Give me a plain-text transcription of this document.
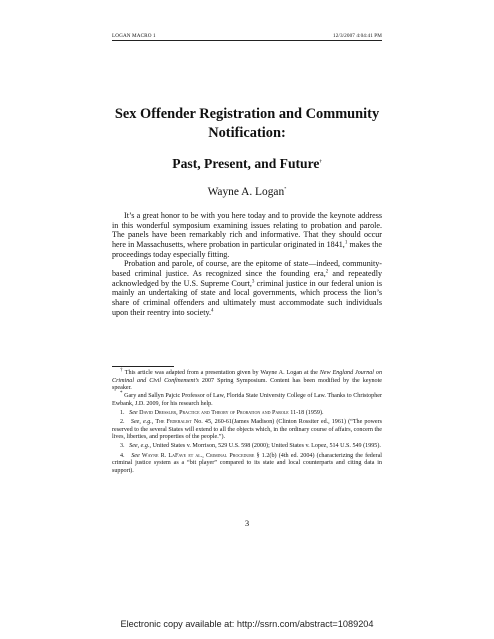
LOGAN MACRO 1	12/3/2007 4:04:41 PM
Sex Offender Registration and Community
Notification:
Past, Present, and Future†
Wayne A. Logan*

It’s a great honor to be with you here today and to provide the keynote address in this wonderful symposium examining issues relating to probation and parole. The panels have been remarkably rich and informative. That they should occur here in Massachusetts, where probation in particular originated in 1841,$^1$ makes the proceedings today especially fitting.

Probation and parole, of course, are the epitome of state—indeed, community-based criminal justice. As recognized since the founding era,$^2$ and repeatedly acknowledged by the U.S. Supreme Court,$^3$ criminal justice in our federal union is mainly an undertaking of state and local governments, which process the lion’s share of criminal offenders and ultimately must accommodate such individuals upon their reentry into society.$^4$

† This article was adapted from a presentation given by Wayne A. Logan at the New England Journal on Criminal and Civil Confinement’s 2007 Spring Symposium. Content has been modified by the keynote speaker.

* Gary and Sallyn Pajcic Professor of Law, Florida State University College of Law. Thanks to Christopher Ewbank, J.D. 2009, for his research help.

1. See David Dressler, Practice and Theory of Probation and Parole 11-18 (1959).

2. See, e.g., The Federalist No. 45, 260-61(James Madison) (Clinton Rossiter ed., 1961) (“The powers reserved to the several States will extend to all the objects which, in the ordinary course of affairs, concern the lives, liberties, and properties of the people.”).

3. See, e.g., United States v. Morrison, 529 U.S. 598 (2000); United States v. Lopez, 514 U.S. 549 (1995).

4. See Wayne R. LaFave et al., Criminal Procedure § 1.2(b) (4th ed. 2004) (characterizing the federal criminal justice system as a “bit player” compared to its state and local counterparts and citing data in support).

3
Electronic copy available at: http://ssrn.com/abstract=1089204
